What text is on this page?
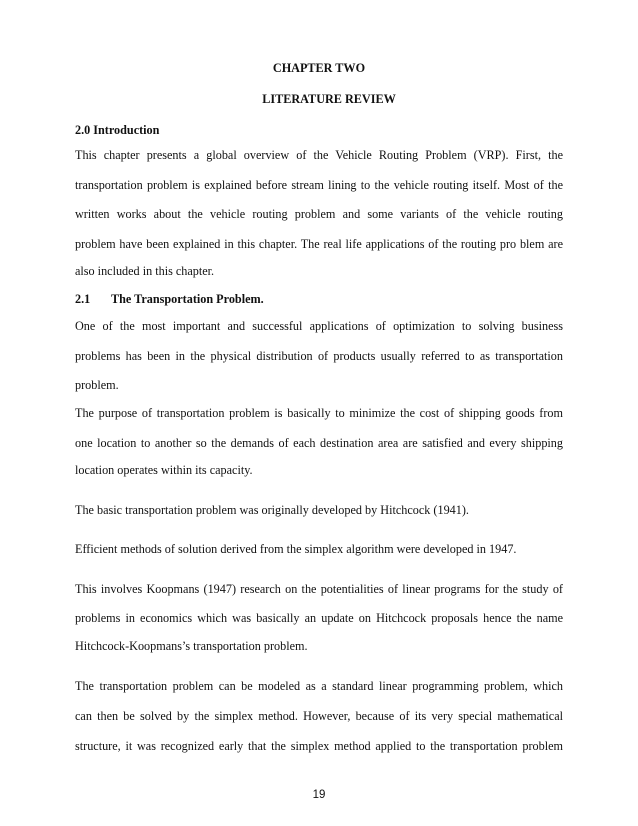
CHAPTER TWO
LITERATURE REVIEW
2.0 Introduction
This chapter presents a global overview of the Vehicle Routing Problem (VRP). First, the
transportation problem is explained before stream lining to the vehicle routing itself. Most of the
written works about the vehicle routing problem and some variants of the vehicle routing
problem have been explained in this chapter. The real life applications of the routing pro blem are
also included in this chapter.
2.1 The Transportation Problem.
One of the most important and successful applications of optimization to solving business
problems has been in the physical distribution of products usually referred to as transportation
problem.
The purpose of transportation problem is basically to minimize the cost of shipping goods from
one location to another so the demands of each destination area are satisfied and every shipping
location operates within its capacity.
The basic transportation problem was originally developed by Hitchcock (1941).
Efficient methods of solution derived from the simplex algorithm were developed in 1947.
This involves Koopmans (1947) research on the potentialities of linear programs for the study of
problems in economics which was basically an update on Hitchcock proposals hence the name
Hitchcock-Koopmans’s transportation problem.
The transportation problem can be modeled as a standard linear programming problem, which
can then be solved by the simplex method. However, because of its very special mathematical
structure, it was recognized early that the simplex method applied to the transportation problem
19
